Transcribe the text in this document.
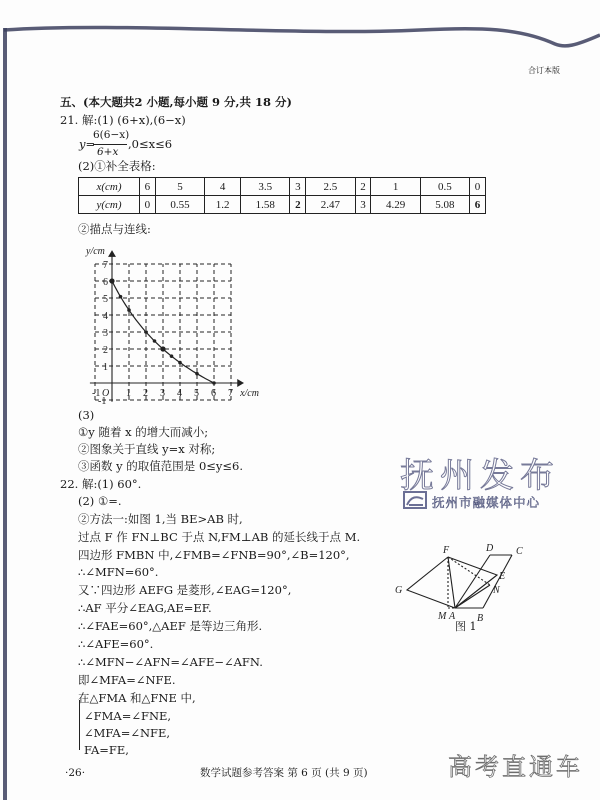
合订本版
五、(本大题共2 小题,每小题 9 分,共 18 分)
21. 解:(1) (6+x),(6−x)
y=
6(6−x)
6+x
,0≤x≤6
(2)①补全表格:
x(cm)	6	5	4	3.5	3	2.5	2	1	0.5	0
y(cm)	0	0.55	1.2	1.58	2	2.47	3	4.29	5.08	6
②描点与连线:
-1 O 1 2 3 4 5 6 7
-1
1
2
3
4
5
6
7
x/cm
y/cm
(3)
①y 随着 x 的增大而减小;
②图象关于直线 y=x 对称;
③函数 y 的取值范围是 0≤y≤6.	抚州发布
抚州市融媒体中心
22. 解:(1) 60°.
(2) ①=.
②方法一:如图 1,当 BE>AB 时,
过点 F 作 FN⊥BC 于点 N,FM⊥AB 的延长线于点 M.
四边形 FMBN 中,∠FMB=∠FNB=90°,∠B=120°,
∴∠MFN=60°.
又∵四边形 AEFG 是菱形,∠EAG=120°,
∴AF 平分∠EAG,AE=EF.
∴∠FAE=60°,△AEF 是等边三角形.
∴∠AFE=60°.
∴∠MFN−∠AFN=∠AFE−∠AFN.
即∠MFA=∠NFE.
在△FMA 和△FNE 中,
∠FMA=∠FNE,
∠MFA=∠NFE,
FA=FE,
F	D C
G
E
N
M A B
图 1
·26·	数学试题参考答案 第 6 页 (共 9 页)	高考直通车
